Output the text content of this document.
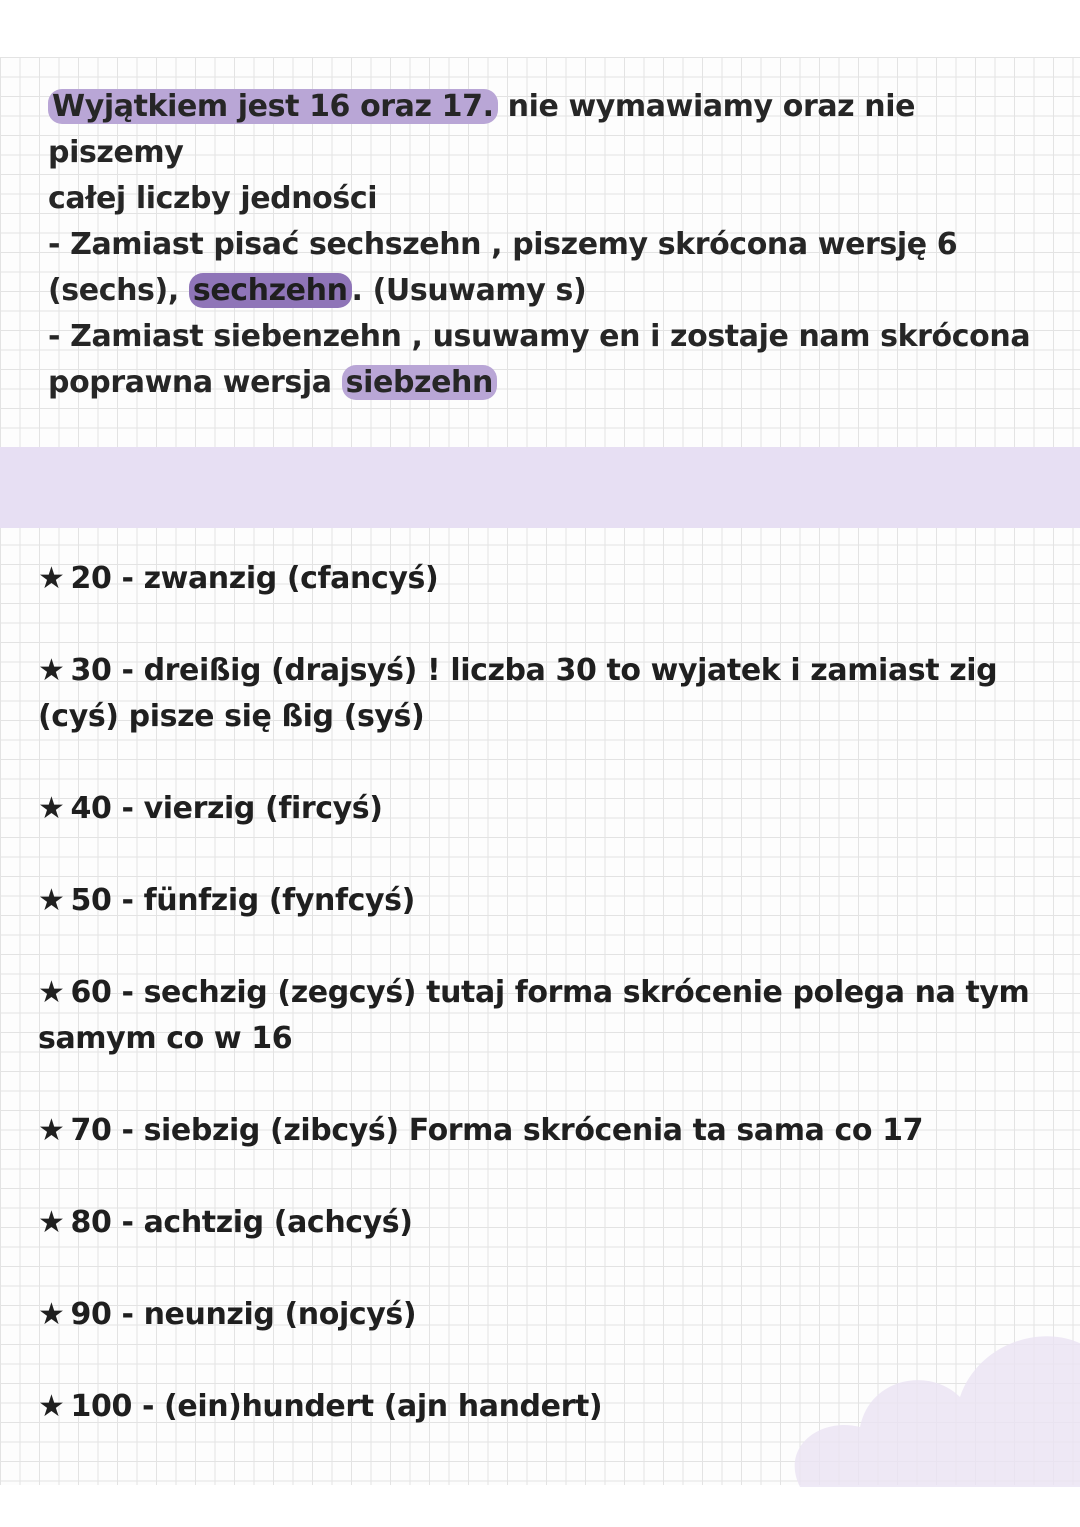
Wyjątkiem jest 16 oraz 17. nie wymawiamy oraz nie piszemy

całej liczby jedności

- Zamiast pisać sechszehn , piszemy skrócona wersję 6

(sechs), sechzehn . (Usuwamy s)

- Zamiast siebenzehn , usuwamy en i zostaje nam skrócona

poprawna wersja siebzehn

★ 20 - zwanzig (cfancyś)
★ 30 - dreißig (drajsyś) ! liczba 30 to wyjatek i zamiast zig (cyś) pisze się ßig (syś)
★ 40 - vierzig (fircyś)
★ 50 - fünfzig (fynfcyś)
★ 60 - sechzig (zegcyś) tutaj forma skrócenie polega na tym samym co w 16
★ 70 - siebzig (zibcyś) Forma skrócenia ta sama co 17
★ 80 - achtzig (achcyś)
★ 90 - neunzig (nojcyś)
★ 100 - (ein)hundert (ajn handert)
